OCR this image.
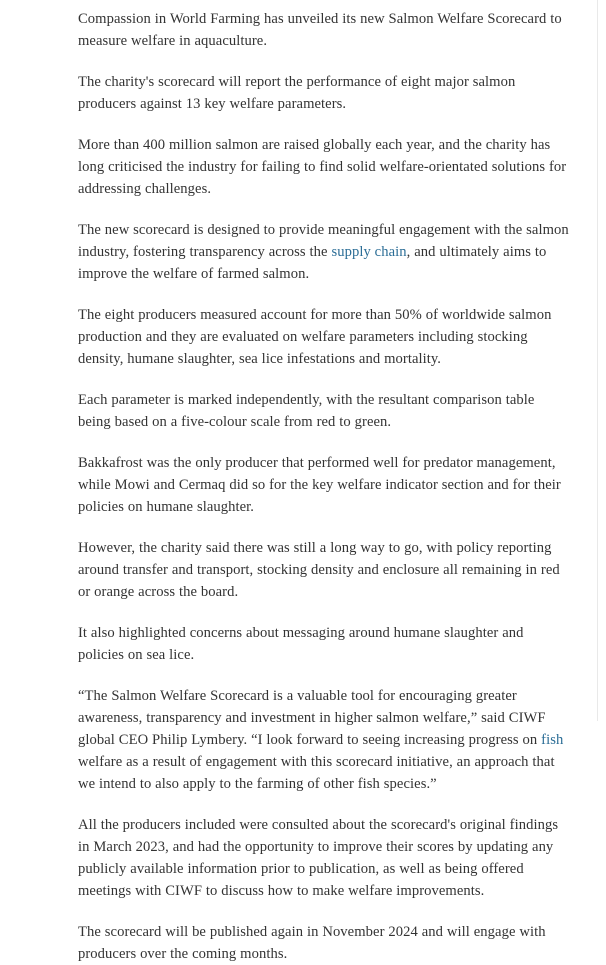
Compassion in World Farming has unveiled its new Salmon Welfare Scorecard to measure welfare in aquaculture.

The charity's scorecard will report the performance of eight major salmon producers against 13 key welfare parameters.

More than 400 million salmon are raised globally each year, and the charity has long criticised the industry for failing to find solid welfare-orientated solutions for addressing challenges.

The new scorecard is designed to provide meaningful engagement with the salmon industry, fostering transparency across the supply chain, and ultimately aims to improve the welfare of farmed salmon.

The eight producers measured account for more than 50% of worldwide salmon production and they are evaluated on welfare parameters including stocking density, humane slaughter, sea lice infestations and mortality.

Each parameter is marked independently, with the resultant comparison table being based on a five-colour scale from red to green.

Bakkafrost was the only producer that performed well for predator management, while Mowi and Cermaq did so for the key welfare indicator section and for their policies on humane slaughter.

However, the charity said there was still a long way to go, with policy reporting around transfer and transport, stocking density and enclosure all remaining in red or orange across the board.

It also highlighted concerns about messaging around humane slaughter and policies on sea lice.

“The Salmon Welfare Scorecard is a valuable tool for encouraging greater awareness, transparency and investment in higher salmon welfare,” said CIWF global CEO Philip Lymbery. “I look forward to seeing increasing progress on fish welfare as a result of engagement with this scorecard initiative, an approach that we intend to also apply to the farming of other fish species.”

All the producers included were consulted about the scorecard's original findings in March 2023, and had the opportunity to improve their scores by updating any publicly available information prior to publication, as well as being offered meetings with CIWF to discuss how to make welfare improvements.

The scorecard will be published again in November 2024 and will engage with producers over the coming months.
